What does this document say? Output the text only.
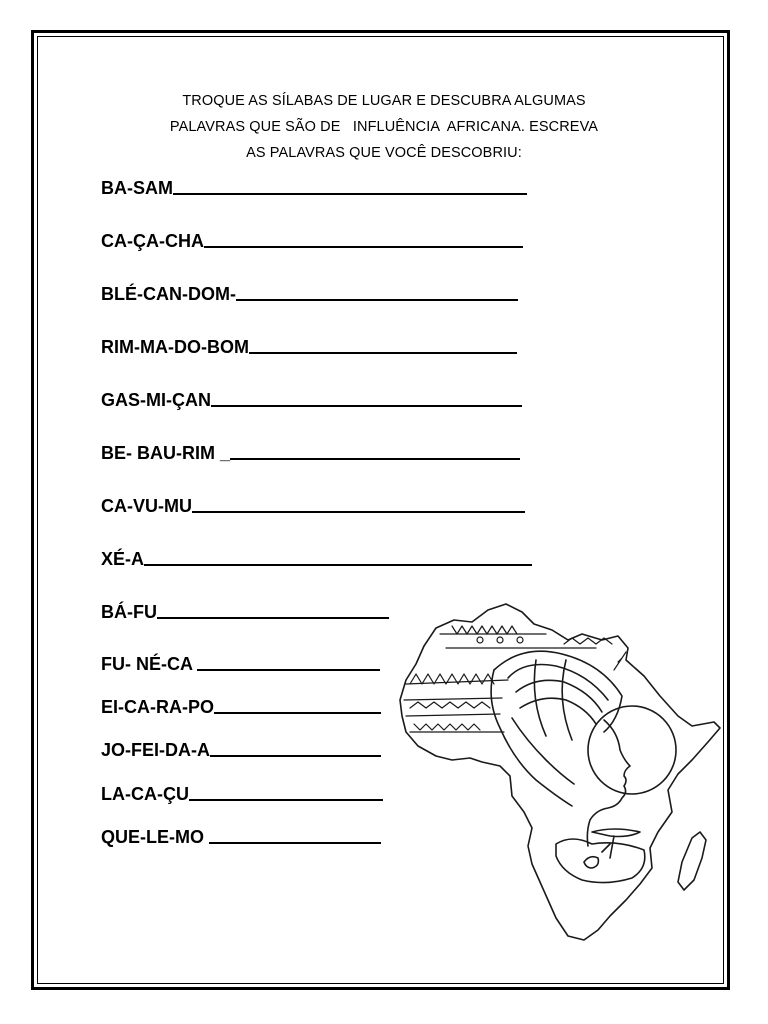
TROQUE AS SÍLABAS DE LUGAR E DESCUBRA ALGUMAS
PALAVRAS QUE SÃO DE   INFLUÊNCIA  AFRICANA. ESCREVA
AS PALAVRAS QUE VOCÊ DESCOBRIU:
BA-SAM
CA-ÇA-CHA
BLÉ-CAN-DOM-
RIM-MA-DO-BOM
GAS-MI-ÇAN
BE- BAU-RIM _
CA-VU-MU
XÉ-A
BÁ-FU
FU- NÉ-CA
EI-CA-RA-PO
JO-FEI-DA-A
LA-CA-ÇU
QUE-LE-MO
